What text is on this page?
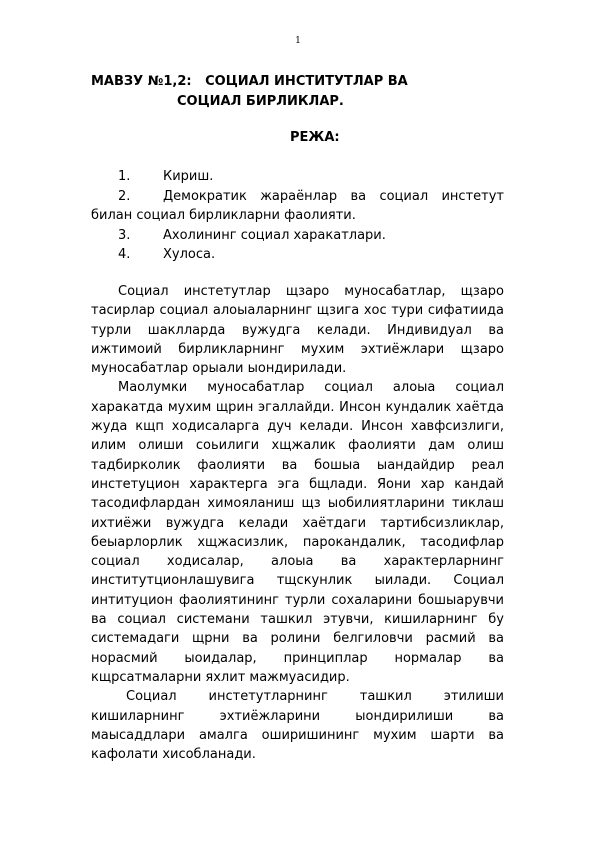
1
МАВЗУ №1,2:   СОЦИАЛ ИНСТИТУТЛАР ВА
СОЦИАЛ БИРЛИКЛАР.
РЕЖА:
1.	Кириш.
2.	Демократик жараёнлар ва социал инстетут
билан социал бирликларни фаолияти.
3.	Ахолининг социал харакатлари.
4.	Хулоса.

Социал инстетутлар щзаро муносабатлар, щзаро тасирлар социал алоыаларнинг щзига хос тури сифатиида турли шаклларда вужудга келади. Индивидуал ва ижтимоий бирликларнинг мухим эхтиёжлари щзаро муносабатлар орыали ыондирилади.

Маолумки муносабатлар социал алоыа социал харакатда мухим щрин эгаллайди. Инсон кундалик хаётда жуда кщп ходисаларга дуч келади. Инсон хавфсизлиги, илим олиши соьилиги хщжалик фаолияти дам олиш тадбирколик фаолияти ва бошыа ыандайдир реал инстетуцион характерга эга бщлади. Яони хар кандай тасодифлардан химояланиш щз ыобилиятларини тиклаш ихтиёжи вужудга келади хаётдаги тартибсизликлар, беыарлорлик хщжасизлик, парокандалик, тасодифлар социал ходисалар, алоыа ва характерларнинг институтционлашувига тщскунлик ыилади. Социал интитуцион фаолиятининг турли сохаларини бошыарувчи ва социал системани ташкил этувчи, кишиларнинг бу системадаги щрни ва ролини белгиловчи расмий ва норасмий ыоидалар, принциплар нормалар ва кщрсатмаларни яхлит мажмуасидир.

Социал инстетутларнинг ташкил этилиши кишиларнинг эхтиёжларини ыондирилиши ва маысаддлари амалга оширишининг мухим шарти ва кафолати хисобланади.
